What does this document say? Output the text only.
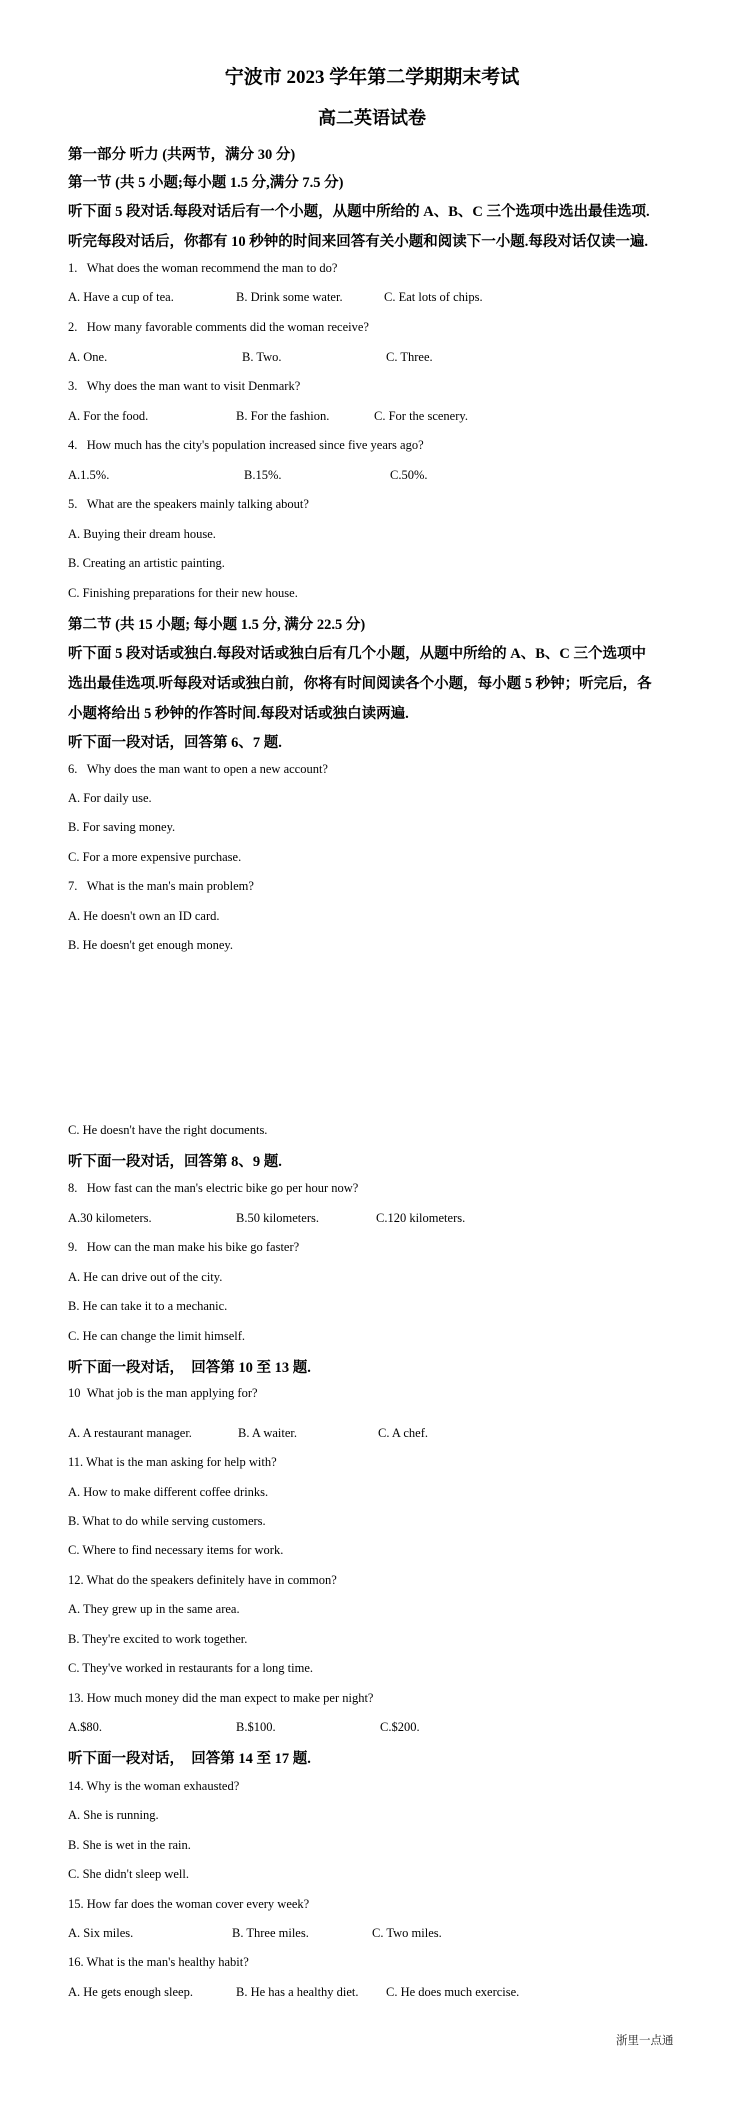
宁波市 2023 学年第二学期期末考试
高二英语试卷
第一部分 听力 (共两节，满分 30 分)
第一节 (共 5 小题;每小题 1.5 分,满分 7.5 分)
听下面 5 段对话.每段对话后有一个小题，从题中所给的 A、B、C 三个选项中选出最佳选项.
听完每段对话后，你都有 10 秒钟的时间来回答有关小题和阅读下一小题.每段对话仅读一遍.
1.   What does the woman recommend the man to do?
A. Have a cup of tea.	B. Drink some water.	C. Eat lots of chips.
2.   How many favorable comments did the woman receive?
A. One.	B. Two.	C. Three.
3.   Why does the man want to visit Denmark?
A. For the food.	B. For the fashion.	C. For the scenery.
4.   How much has the city's population increased since five years ago?
A.1.5%.	B.15%.	C.50%.
5.   What are the speakers mainly talking about?
A. Buying their dream house.
B. Creating an artistic painting.
C. Finishing preparations for their new house.
第二节 (共 15 小题; 每小题 1.5 分, 满分 22.5 分)
听下面 5 段对话或独白.每段对话或独白后有几个小题，从题中所给的 A、B、C 三个选项中
选出最佳选项.听每段对话或独白前，你将有时间阅读各个小题，每小题 5 秒钟；听完后，各
小题将给出 5 秒钟的作答时间.每段对话或独白读两遍.
听下面一段对话，回答第 6、7 题.
6.   Why does the man want to open a new account?
A. For daily use.
B. For saving money.
C. For a more expensive purchase.
7.   What is the man's main problem?
A. He doesn't own an ID card.
B. He doesn't get enough money.
C. He doesn't have the right documents.
听下面一段对话，回答第 8、9 题.
8.   How fast can the man's electric bike go per hour now?
A.30 kilometers.	B.50 kilometers.	C.120 kilometers.
9.   How can the man make his bike go faster?
A. He can drive out of the city.
B. He can take it to a mechanic.
C. He can change the limit himself.
听下面一段对话，  回答第 10 至 13 题.
10  What job is the man applying for?
A. A restaurant manager.	B. A waiter.	C. A chef.
11. What is the man asking for help with?
A. How to make different coffee drinks.
B. What to do while serving customers.
C. Where to find necessary items for work.
12. What do the speakers definitely have in common?
A. They grew up in the same area.
B. They're excited to work together.
C. They've worked in restaurants for a long time.
13. How much money did the man expect to make per night?
A.$80.	B.$100.	C.$200.
听下面一段对话，  回答第 14 至 17 题.
14. Why is the woman exhausted?
A. She is running.
B. She is wet in the rain.
C. She didn't sleep well.
15. How far does the woman cover every week?
A. Six miles.	B. Three miles.	C. Two miles.
16. What is the man's healthy habit?
A. He gets enough sleep.	B. He has a healthy diet. C. He does much exercise.
浙里一点通
